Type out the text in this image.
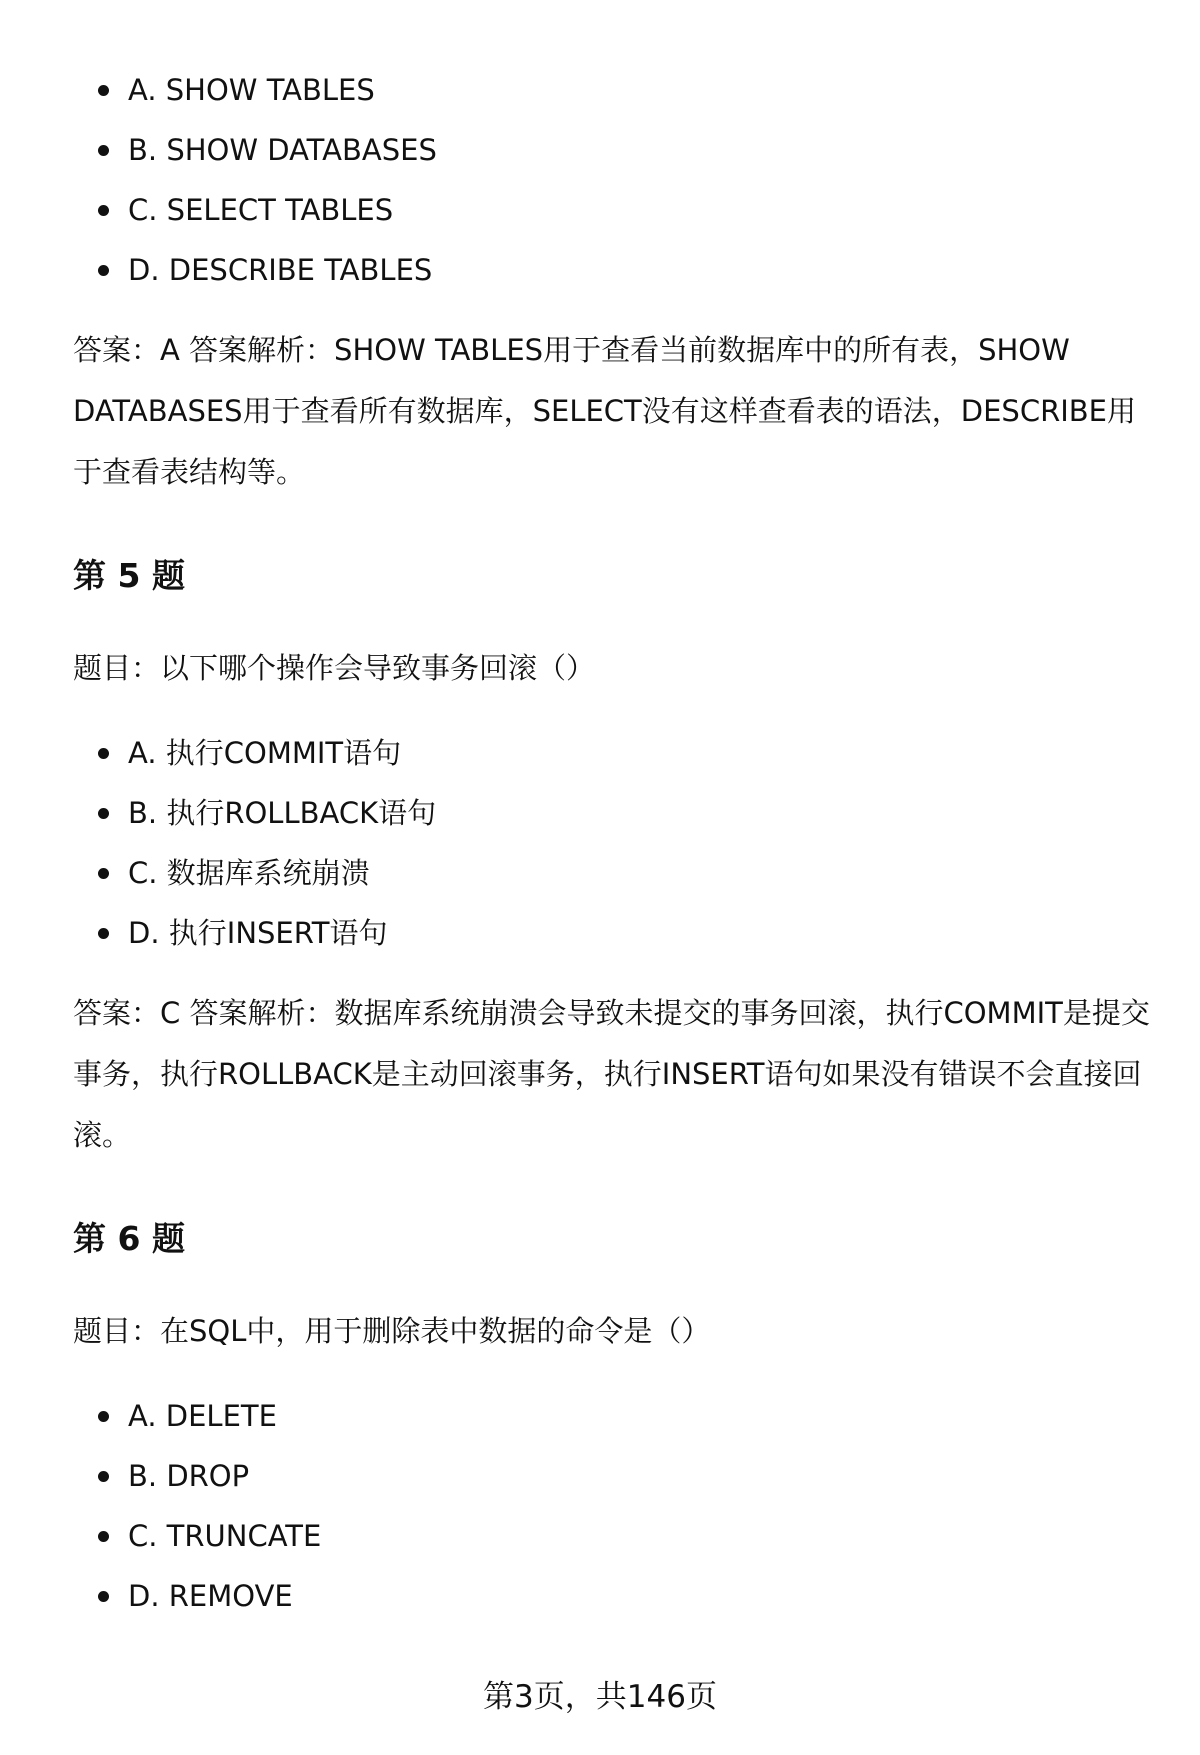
A. SHOW TABLES
B. SHOW DATABASES
C. SELECT TABLES
D. DESCRIBE TABLES

答案：A 答案解析：SHOW TABLES用于查看当前数据库中的所有表，SHOW DATABASES用于查看所有数据库，SELECT没有这样查看表的语法，DESCRIBE用于查看表结构等。

第 5 题

题目：以下哪个操作会导致事务回滚（）

A. 执行COMMIT语句
B. 执行ROLLBACK语句
C. 数据库系统崩溃
D. 执行INSERT语句

答案：C 答案解析：数据库系统崩溃会导致未提交的事务回滚，执行COMMIT是提交事务，执行ROLLBACK是主动回滚事务，执行INSERT语句如果没有错误不会直接回滚。

第 6 题

题目：在SQL中，用于删除表中数据的命令是（）

A. DELETE
B. DROP
C. TRUNCATE
D. REMOVE
第3页，共146页
